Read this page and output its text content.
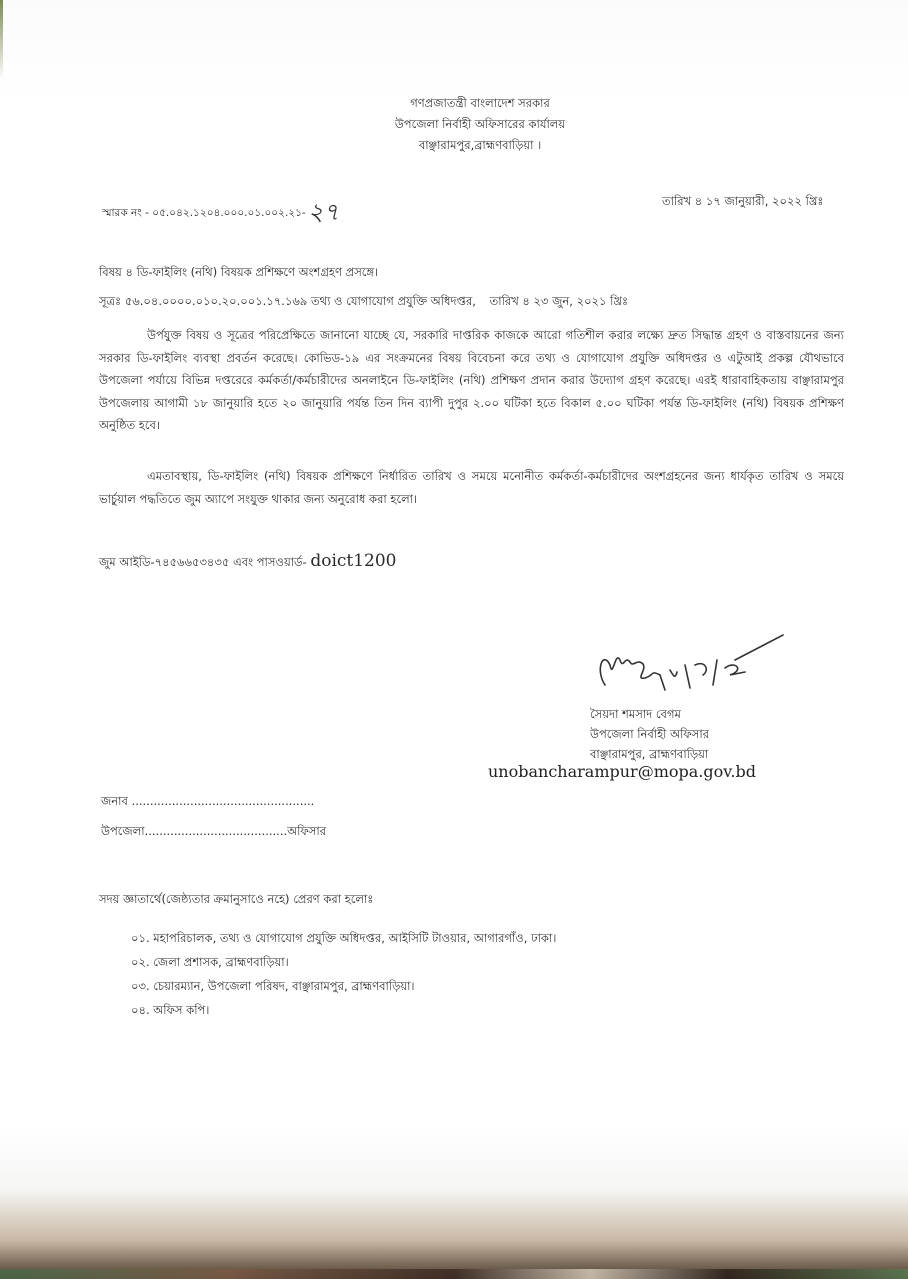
গণপ্রজাতন্ত্রী বাংলাদেশ সরকার
উপজেলা নির্বাহী অফিসারের কার্যালয়
বাঞ্ছারামপুর,ব্রাহ্মণবাড়িয়া ।
স্মারক নং - ০৫.০৪২.১২০৪.০০০.০১.০০২.২১-২৭	তারিখ ৪ ১৭ জানুয়ারী, ২০২২ খ্রিঃ
বিষয় ৪ ডি-ফাইলিং (নথি) বিষয়ক প্রশিক্ষণে অংশগ্রহণ প্রসঙ্গে।
সূত্রঃ ৫৬.০৪.০০০০.০১০.২০.০০১.১৭.১৬৯ তথ্য ও যোগাযোগ প্রযুক্তি অধিদপ্তর, তারিখ ৪ ২৩ জুন, ২০২১ খ্রিঃ
উর্পযুক্ত বিষয় ও সূত্রের পরিপ্রেক্ষিতে জানানো যাচ্ছে যে, সরকারি দাপ্তরিক কাজকে আরো গতিশীল করার লক্ষ্যে দ্রুত সিদ্ধান্ত গ্রহণ ও বাস্তবায়নের জন্য সরকার ডি-ফাইলিং ব্যবস্থা প্রবর্তন করেছে। কোভিড-১৯ এর সংক্রমনের বিষয় বিবেচনা করে তথ্য ও যোগাযোগ প্রযুক্তি অধিদপ্তর ও এটুআই প্রকল্প যৌথভাবে উপজেলা পর্যায়ে বিভিন্ন দপ্তরেরে কর্মকর্তা/কর্মচারীদের অনলাইনে ডি-ফাইলিং (নথি) প্রশিক্ষণ প্রদান করার উদ্যোগ গ্রহণ করেছে। এরই ধারাবাহিকতায় বাঞ্ছারামপুর উপজেলায় আগামী ১৮ জানুয়ারি হতে ২০ জানুয়ারি পর্যন্ত তিন দিন ব্যাপী দুপুর ২.০০ ঘটিকা হতে বিকাল ৫.০০ ঘটিকা পর্যন্ত ডি-ফাইলিং (নথি) বিষয়ক প্রশিক্ষণ অনুষ্ঠিত হবে।
এমতাবস্থায়, ডি-ফাইলিং (নথি) বিষয়ক প্রশিক্ষণে নির্ধারিত তারিখ ও সময়ে মনোনীত কর্মকর্তা-কর্মচারীদের অংশগ্রহনের জন্য ধার্যকৃত তারিখ ও সময়ে ভার্চুয়াল পদ্ধতিতে জুম অ্যাপে সংযুক্ত থাকার জন্য অনুরোধ করা হলো।
জুম আইডি-৭৪৫৬৬৫৩৪৩৫ এবং পাসওয়ার্ড- doict1200
সৈয়দা শমসাদ বেগম
উপজেলা নির্বাহী অফিসার
বাঞ্ছারামপুর, ব্রাহ্মণবাড়িয়া
unobancharampur@mopa.gov.bd
জনাব ..................................................
উপজেলা.......................................অফিসার
সদয় জ্ঞাতার্থে(জেষ্ঠ্যতার ক্রমানুসাওে নহে) প্রেরণ করা হলোঃ
০১. মহাপরিচালক, তথ্য ও যোগাযোগ প্রযুক্তি অধিদপ্তর, আইসিটি টাওয়ার, আগারগাঁও, ঢাকা।
০২. জেলা প্রশাসক, ব্রাহ্মণবাড়িয়া।
০৩. চেয়ারম্যান, উপজেলা পরিষদ, বাঞ্ছারামপুর, ব্রাহ্মণবাড়িয়া।
০৪. অফিস কপি।
